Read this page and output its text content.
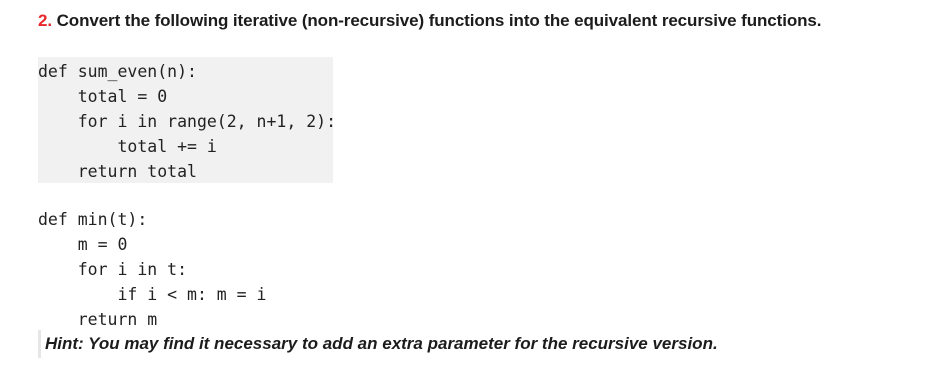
2. Convert the following iterative (non-recursive) functions into the equivalent recursive functions.
def sum_even(n):
total = 0
for i in range(2, n+1, 2):
total += i
return total
def min(t):
m = 0
for i in t:
if i < m: m = i
return m
Hint: You may find it necessary to add an extra parameter for the recursive version.
